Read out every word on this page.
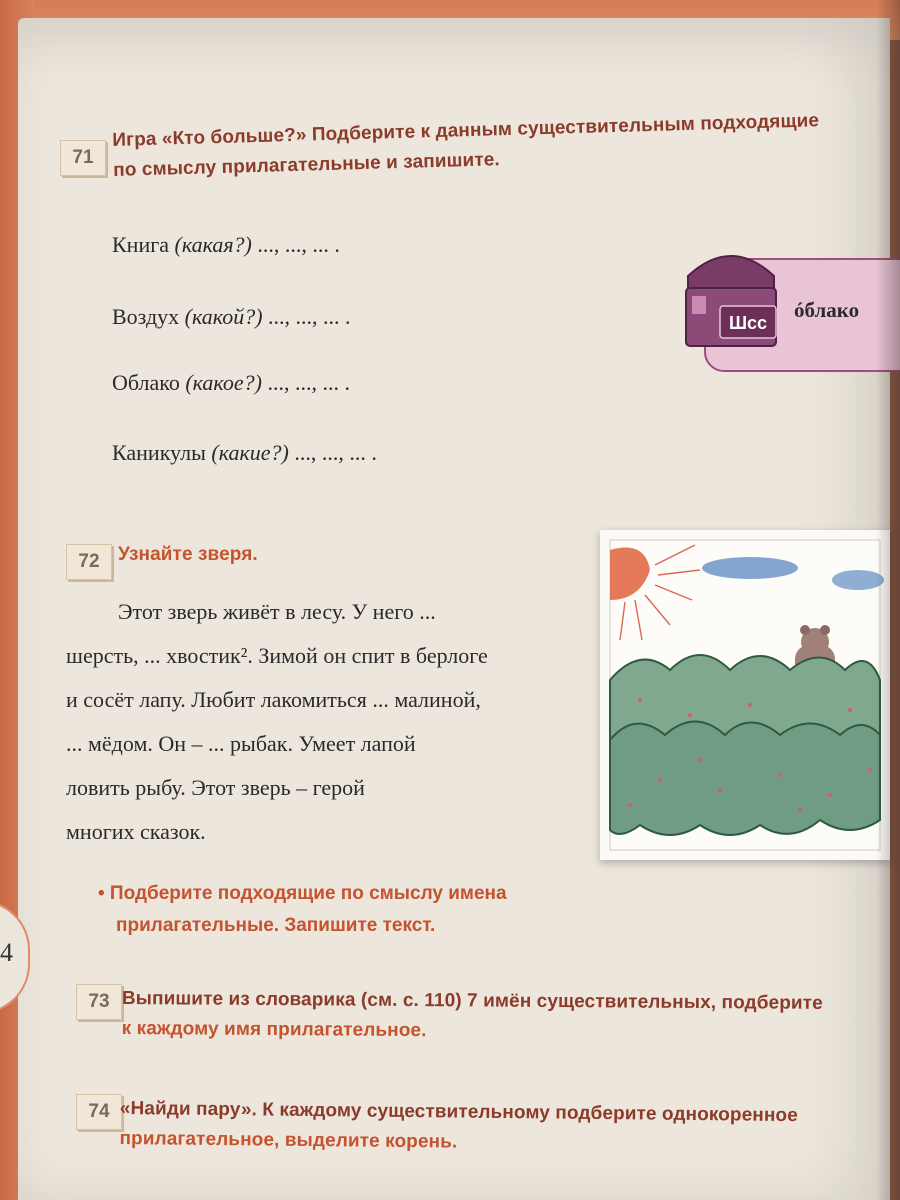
4
71
Игра «Кто больше?» Подберите к данным существительным подходящие
по смыслу прилагательные и запишите.
Книга (какая?) ..., ..., ... .
Воздух (какой?) ..., ..., ... .
Облако (какое?) ..., ..., ... .
Каникулы (какие?) ..., ..., ... .
Шсс
óблако
72 Узнайте зверя.

Этот зверь живёт в лесу. У него ...

шерсть, ... хвостик². Зимой он спит в берлоге

и сосёт лапу. Любит лакомиться ... малиной,

... мёдом. Он – ... рыбак. Умеет лапой

ловить рыбу. Этот зверь – герой

многих сказок.

• Подберите подходящие по смыслу имена
прилагательные. Запишите текст.
73 Выпишите из словарика (см. с. 110) 7 имён существительных, подберите
к каждому имя прилагательное.
74 «Найди пару». К каждому существительному подберите однокоренное
прилагательное, выделите корень.
